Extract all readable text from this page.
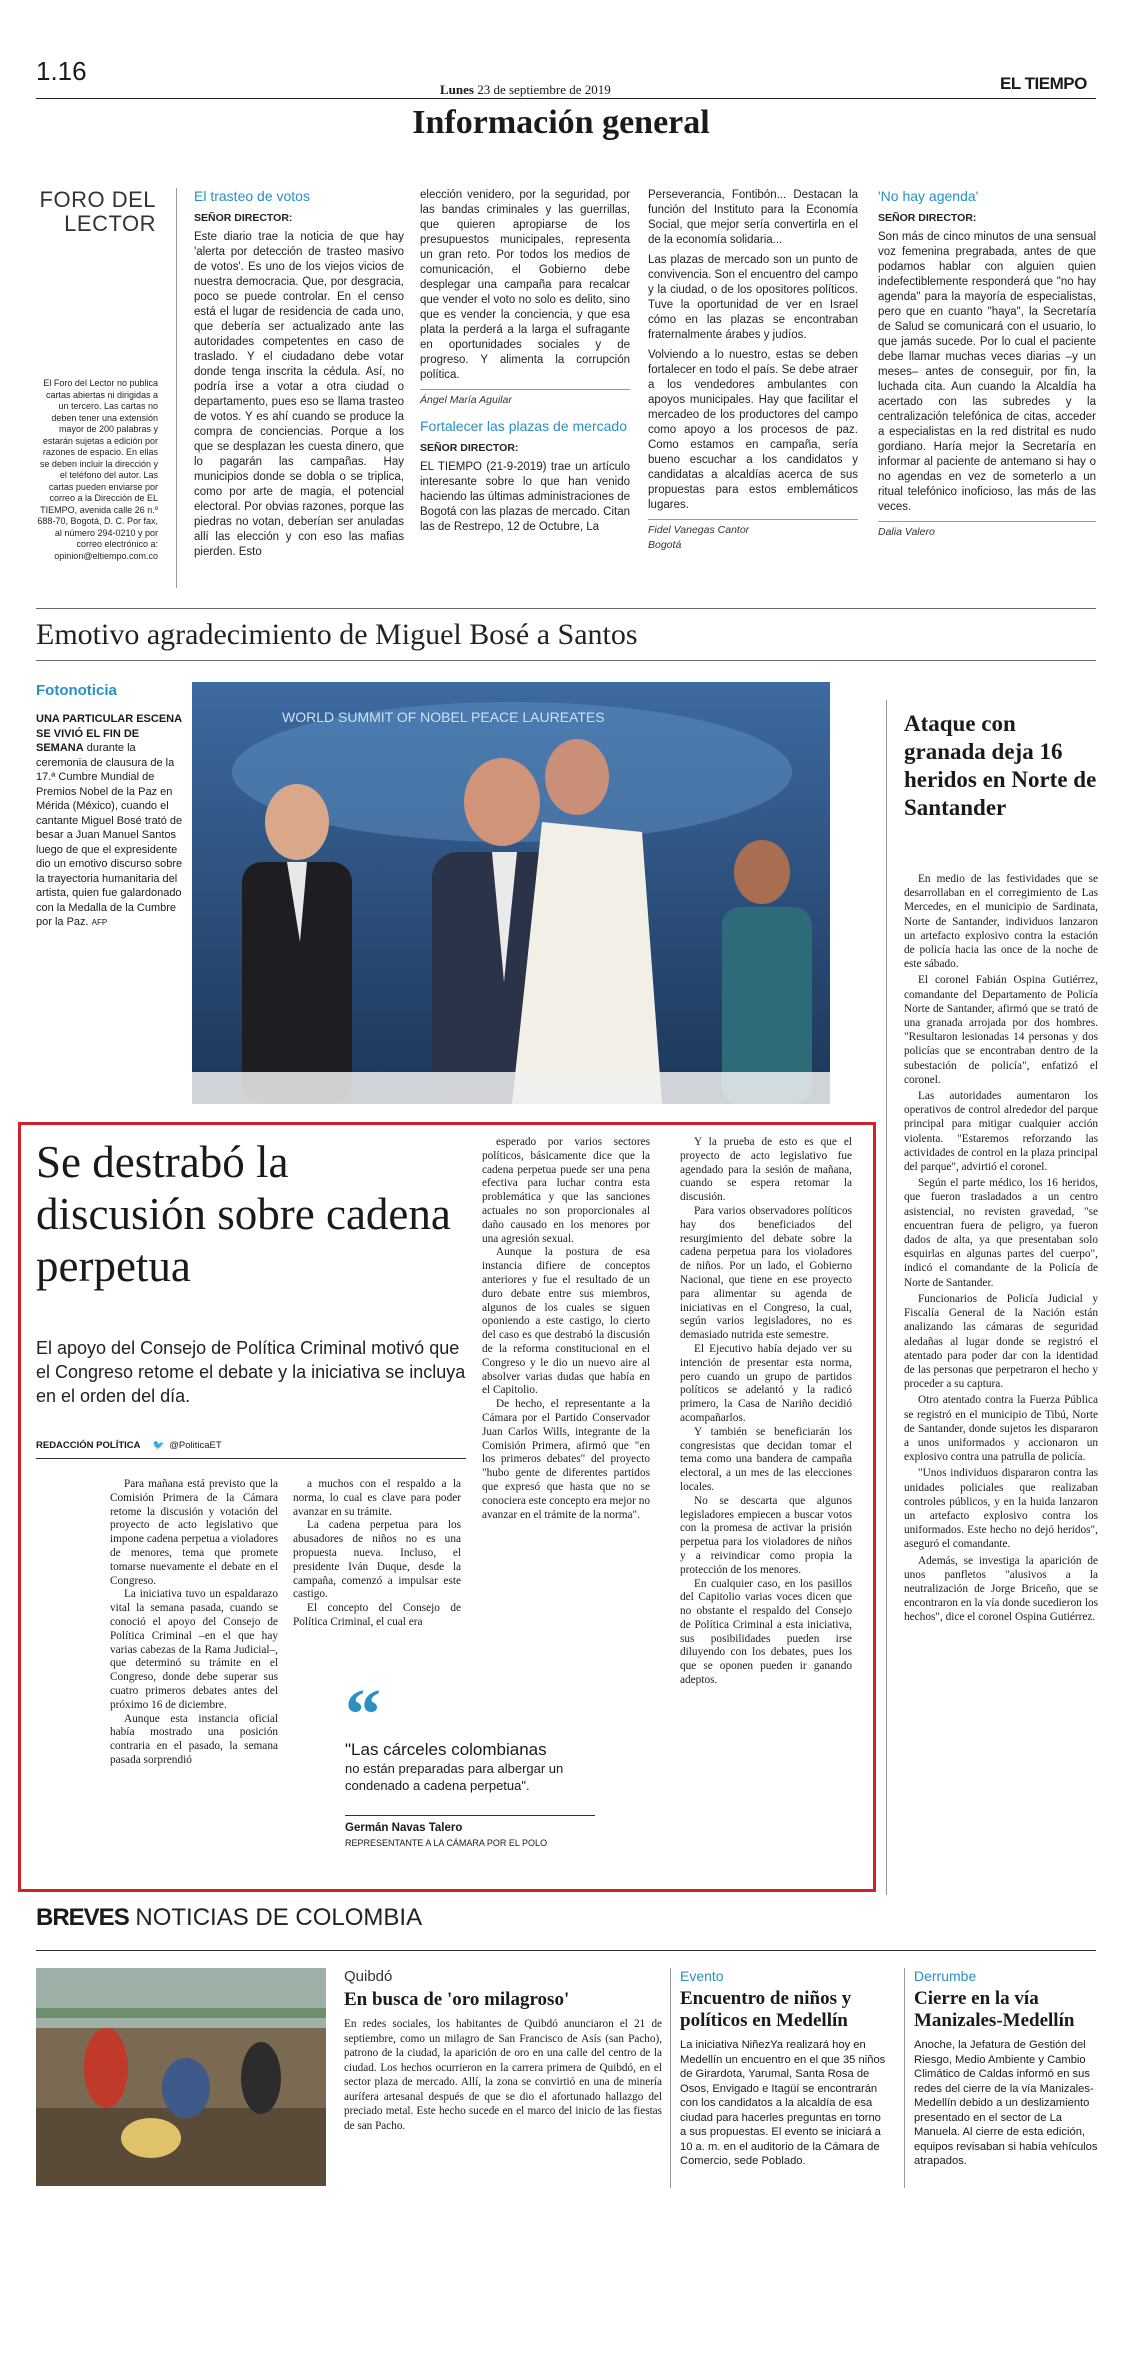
1.16
Lunes 23 de septiembre de 2019	EL TIEMPO
Información general
FORO DEL
LECTOR
El Foro del Lector no publica cartas abiertas ni dirigidas a un tercero. Las cartas no deben tener una extensión mayor de 200 palabras y estarán sujetas a edición por razones de espacio. En ellas se deben incluir la dirección y el teléfono del autor. Las cartas pueden enviarse por correo a la Dirección de EL TIEMPO, avenida calle 26 n.º 688-70, Bogotá, D. C. Por fax, al número 294-0210 y por correo electrónico a: opinion@eltiempo.com.co
El trasteo de votos
SEÑOR DIRECTOR:

Este diario trae la noticia de que hay 'alerta por detección de trasteo masivo de votos'. Es uno de los viejos vicios de nuestra democracia. Que, por desgracia, poco se puede controlar. En el censo está el lugar de residencia de cada uno, que debería ser actualizado ante las autoridades competentes en caso de traslado. Y el ciudadano debe votar donde tenga inscrita la cédula. Así, no podría irse a votar a otra ciudad o departamento, pues eso se llama trasteo de votos. Y es ahí cuando se produce la compra de conciencias. Porque a los que se desplazan les cuesta dinero, que lo pagarán las campañas. Hay municipios donde se dobla o se triplica, como por arte de magia, el potencial electoral. Por obvias razones, porque las piedras no votan, deberían ser anuladas allí las elección y con eso las mafias pierden. Esto

elección venidero, por la seguridad, por las bandas criminales y las guerrillas, que quieren apropiarse de los presupuestos municipales, representa un gran reto. Por todos los medios de comunicación, el Gobierno debe desplegar una campaña para recalcar que vender el voto no solo es delito, sino que es vender la conciencia, y que esa plata la perderá a la larga el sufragante en oportunidades sociales y de progreso. Y alimenta la corrupción política.

Ángel María Aguilar
Fortalecer las plazas de mercado
SEÑOR DIRECTOR:

EL TIEMPO (21-9-2019) trae un artículo interesante sobre lo que han venido haciendo las últimas administraciones de Bogotá con las plazas de mercado. Citan las de Restrepo, 12 de Octubre, La

Perseverancia, Fontibón... Destacan la función del Instituto para la Economía Social, que mejor sería convertirla en el de la economía solidaria...

Las plazas de mercado son un punto de convivencia. Son el encuentro del campo y la ciudad, o de los opositores políticos. Tuve la oportunidad de ver en Israel cómo en las plazas se encontraban fraternalmente árabes y judíos.

Volviendo a lo nuestro, estas se deben fortalecer en todo el país. Se debe atraer a los vendedores ambulantes con apoyos municipales. Hay que facilitar el mercadeo de los productores del campo como apoyo a los procesos de paz. Como estamos en campaña, sería bueno escuchar a los candidatos y candidatas a alcaldías acerca de sus propuestas para estos emblemáticos lugares.

Fidel Vanegas Cantor
Bogotá
'No hay agenda'
SEÑOR DIRECTOR:

Son más de cinco minutos de una sensual voz femenina pregrabada, antes de que podamos hablar con alguien quien indefectiblemente responderá que "no hay agenda" para la mayoría de especialistas, pero que en cuanto "haya", la Secretaría de Salud se comunicará con el usuario, lo que jamás sucede. Por lo cual el paciente debe llamar muchas veces diarias –y un meses– antes de conseguir, por fin, la luchada cita. Aun cuando la Alcaldía ha acertado con las subredes y la centralización telefónica de citas, acceder a especialistas en la red distrital es nudo gordiano. Haría mejor la Secretaría en informar al paciente de antemano si hay o no agendas en vez de someterlo a un ritual telefónico inoficioso, las más de las veces.

Dalia Valero
Emotivo agradecimiento de Miguel Bosé a Santos
Fotonoticia
UNA PARTICULAR ESCENA SE VIVIÓ EL FIN DE SEMANA durante la ceremonia de clausura de la 17.ª Cumbre Mundial de Premios Nobel de la Paz en Mérida (México), cuando el cantante Miguel Bosé trató de besar a Juan Manuel Santos luego de que el expresidente dio un emotivo discurso sobre la trayectoria humanitaria del artista, quien fue galardonado con la Medalla de la Cumbre por la Paz. AFP
WORLD SUMMIT OF NOBEL PEACE LAUREATES	Ataque con granada deja 16 heridos en Norte de Santander

En medio de las festividades que se desarrollaban en el corregimiento de Las Mercedes, en el municipio de Sardinata, Norte de Santander, individuos lanzaron un artefacto explosivo contra la estación de policía hacia las once de la noche de este sábado.

El coronel Fabián Ospina Gutiérrez, comandante del Departamento de Policía Norte de Santander, afirmó que se trató de una granada arrojada por dos hombres. "Resultaron lesionadas 14 personas y dos policías que se encontraban dentro de la subestación de policía", enfatizó el coronel.

Las autoridades aumentaron los operativos de control alrededor del parque principal para mitigar cualquier acción violenta. "Estaremos reforzando las actividades de control en la plaza principal del parque", advirtió el coronel.

Según el parte médico, los 16 heridos, que fueron trasladados a un centro asistencial, no revisten gravedad, "se encuentran fuera de peligro, ya fueron dados de alta, ya que presentaban solo esquirlas en algunas partes del cuerpo", indicó el comandante de la Policía de Norte de Santander.

Funcionarios de Policía Judicial y Fiscalía General de la Nación están analizando las cámaras de seguridad aledañas al lugar donde se registró el atentado para poder dar con la identidad de las personas que perpetraron el hecho y proceder a su captura.

Otro atentado contra la Fuerza Pública se registró en el municipio de Tibú, Norte de Santander, donde sujetos les dispararon a unos uniformados y accionaron un explosivo contra una patrulla de policía.

"Unos individuos dispararon contra las unidades policiales que realizaban controles públicos, y en la huida lanzaron un artefacto explosivo contra los uniformados. Este hecho no dejó heridos", aseguró el comandante.

Además, se investiga la aparición de unos panfletos "alusivos a la neutralización de Jorge Briceño, que se encontraron en la vía donde sucedieron los hechos", dice el coronel Ospina Gutiérrez.

Se destrabó la discusión sobre cadena perpetua
El apoyo del Consejo de Política Criminal motivó que el Congreso retome el debate y la iniciativa se incluya en el orden del día.
REDACCIÓN POLÍTICA 🐦 @PoliticaET

Para mañana está previsto que la Comisión Primera de la Cámara retome la discusión y votación del proyecto de acto legislativo que impone cadena perpetua a violadores de menores, tema que promete tomarse nuevamente el debate en el Congreso.

La iniciativa tuvo un espaldarazo vital la semana pasada, cuando se conoció el apoyo del Consejo de Política Criminal –en el que hay varias cabezas de la Rama Judicial–, que determinó su trámite en el Congreso, donde debe superar sus cuatro primeros debates antes del próximo 16 de diciembre.

Aunque esta instancia oficial había mostrado una posición contraria en el pasado, la semana pasada sorprendió

a muchos con el respaldo a la norma, lo cual es clave para poder avanzar en su trámite.

La cadena perpetua para los abusadores de niños no es una propuesta nueva. Incluso, el presidente Iván Duque, desde la campaña, comenzó a impulsar este castigo.

El concepto del Consejo de Política Criminal, el cual era

esperado por varios sectores políticos, básicamente dice que la cadena perpetua puede ser una pena efectiva para luchar contra esta problemática y que las sanciones actuales no son proporcionales al daño causado en los menores por una agresión sexual.

Aunque la postura de esa instancia difiere de conceptos anteriores y fue el resultado de un duro debate entre sus miembros, algunos de los cuales se siguen oponiendo a este castigo, lo cierto del caso es que destrabó la discusión de la reforma constitucional en el Congreso y le dio un nuevo aire al absolver varias dudas que había en el Capitolio.

De hecho, el representante a la Cámara por el Partido Conservador Juan Carlos Wills, integrante de la Comisión Primera, afirmó que "en los primeros debates" del proyecto "hubo gente de diferentes partidos que expresó que hasta que no se conociera este concepto era mejor no avanzar en el trámite de la norma".

Y la prueba de esto es que el proyecto de acto legislativo fue agendado para la sesión de mañana, cuando se espera retomar la discusión.

Para varios observadores políticos hay dos beneficiados del resurgimiento del debate sobre la cadena perpetua para los violadores de niños. Por un lado, el Gobierno Nacional, que tiene en ese proyecto para alimentar su agenda de iniciativas en el Congreso, la cual, según varios legisladores, no es demasiado nutrida este semestre.

El Ejecutivo había dejado ver su intención de presentar esta norma, pero cuando un grupo de partidos políticos se adelantó y la radicó primero, la Casa de Nariño decidió acompañarlos.

Y también se beneficiarán los congresistas que decidan tomar el tema como una bandera de campaña electoral, a un mes de las elecciones locales.

No se descarta que algunos legisladores empiecen a buscar votos con la promesa de activar la prisión perpetua para los violadores de niños y a reivindicar como propia la protección de los menores.

En cualquier caso, en los pasillos del Capitolio varias voces dicen que no obstante el respaldo del Consejo de Política Criminal a esta iniciativa, sus posibilidades pueden irse diluyendo con los debates, pues los que se oponen pueden ir ganando adeptos.

“
"Las cárceles colombianas
no están preparadas para albergar un condenado a cadena perpetua".
Germán Navas Talero
REPRESENTANTE A LA CÁMARA POR EL POLO
BREVES NOTICIAS DE COLOMBIA
Quibdó
En busca de 'oro milagroso'
En redes sociales, los habitantes de Quibdó anunciaron el 21 de septiembre, como un milagro de San Francisco de Asís (san Pacho), patrono de la ciudad, la aparición de oro en una calle del centro de la ciudad. Los hechos ocurrieron en la carrera primera de Quibdó, en el sector plaza de mercado. Allí, la zona se convirtió en una de minería aurífera artesanal después de que se dio el afortunado hallazgo del preciado metal. Este hecho sucede en el marco del inicio de las fiestas de san Pacho.
Evento
Encuentro de niños y políticos en Medellín
La iniciativa NiñezYa realizará hoy en Medellín un encuentro en el que 35 niños de Girardota, Yarumal, Santa Rosa de Osos, Envigado e Itagüí se encontrarán con los candidatos a la alcaldía de esa ciudad para hacerles preguntas en torno a sus propuestas. El evento se iniciará a 10 a. m. en el auditorio de la Cámara de Comercio, sede Poblado.
Derrumbe
Cierre en la vía Manizales-Medellín
Anoche, la Jefatura de Gestión del Riesgo, Medio Ambiente y Cambio Climático de Caldas informó en sus redes del cierre de la vía Manizales-Medellín debido a un deslizamiento presentado en el sector de La Manuela. Al cierre de esta edición, equipos revisaban si había vehículos atrapados.
